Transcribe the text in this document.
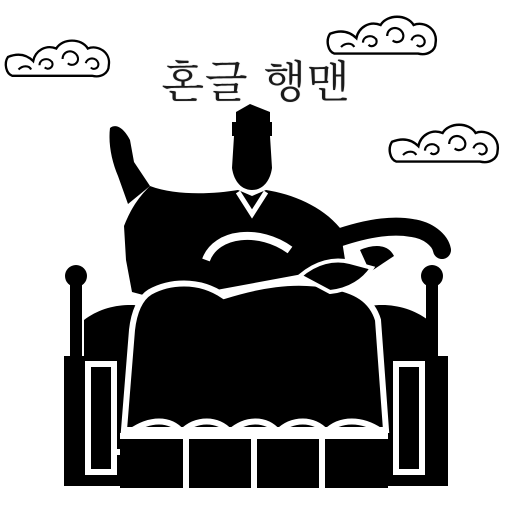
혼글 행맨
